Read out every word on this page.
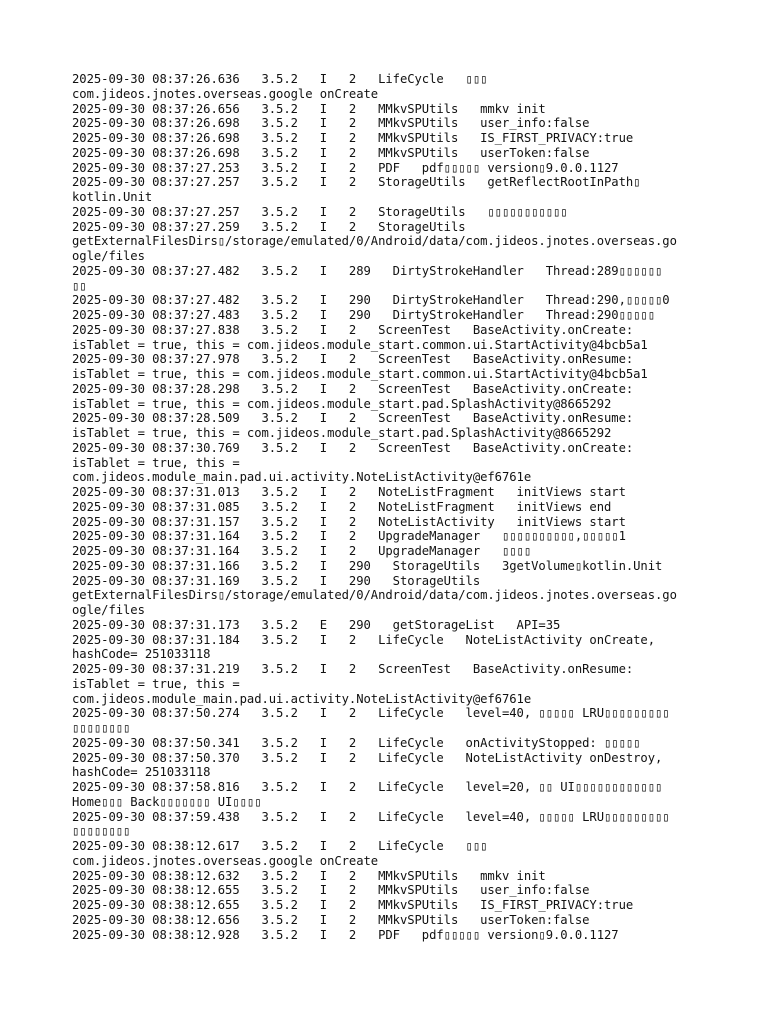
2025-09-30 08:37:26.636   3.5.2   I   2   LifeCycle   ▯▯▯
com.jideos.jnotes.overseas.google onCreate
2025-09-30 08:37:26.656   3.5.2   I   2   MMkvSPUtils   mmkv init
2025-09-30 08:37:26.698   3.5.2   I   2   MMkvSPUtils   user_info:false
2025-09-30 08:37:26.698   3.5.2   I   2   MMkvSPUtils   IS_FIRST_PRIVACY:true
2025-09-30 08:37:26.698   3.5.2   I   2   MMkvSPUtils   userToken:false
2025-09-30 08:37:27.253   3.5.2   I   2   PDF   pdf▯▯▯▯▯ version▯9.0.0.1127
2025-09-30 08:37:27.257   3.5.2   I   2   StorageUtils   getReflectRootInPath▯
kotlin.Unit
2025-09-30 08:37:27.257   3.5.2   I   2   StorageUtils   ▯▯▯▯▯▯▯▯▯▯▯
2025-09-30 08:37:27.259   3.5.2   I   2   StorageUtils
getExternalFilesDirs▯/storage/emulated/0/Android/data/com.jideos.jnotes.overseas.go
ogle/files
2025-09-30 08:37:27.482   3.5.2   I   289   DirtyStrokeHandler   Thread:289▯▯▯▯▯▯
▯▯
2025-09-30 08:37:27.482   3.5.2   I   290   DirtyStrokeHandler   Thread:290,▯▯▯▯▯0
2025-09-30 08:37:27.483   3.5.2   I   290   DirtyStrokeHandler   Thread:290▯▯▯▯▯
2025-09-30 08:37:27.838   3.5.2   I   2   ScreenTest   BaseActivity.onCreate:
isTablet = true, this = com.jideos.module_start.common.ui.StartActivity@4bcb5a1
2025-09-30 08:37:27.978   3.5.2   I   2   ScreenTest   BaseActivity.onResume:
isTablet = true, this = com.jideos.module_start.common.ui.StartActivity@4bcb5a1
2025-09-30 08:37:28.298   3.5.2   I   2   ScreenTest   BaseActivity.onCreate:
isTablet = true, this = com.jideos.module_start.pad.SplashActivity@8665292
2025-09-30 08:37:28.509   3.5.2   I   2   ScreenTest   BaseActivity.onResume:
isTablet = true, this = com.jideos.module_start.pad.SplashActivity@8665292
2025-09-30 08:37:30.769   3.5.2   I   2   ScreenTest   BaseActivity.onCreate:
isTablet = true, this =
com.jideos.module_main.pad.ui.activity.NoteListActivity@ef6761e
2025-09-30 08:37:31.013   3.5.2   I   2   NoteListFragment   initViews start
2025-09-30 08:37:31.085   3.5.2   I   2   NoteListFragment   initViews end
2025-09-30 08:37:31.157   3.5.2   I   2   NoteListActivity   initViews start
2025-09-30 08:37:31.164   3.5.2   I   2   UpgradeManager   ▯▯▯▯▯▯▯▯▯▯,▯▯▯▯▯1
2025-09-30 08:37:31.164   3.5.2   I   2   UpgradeManager   ▯▯▯▯
2025-09-30 08:37:31.166   3.5.2   I   290   StorageUtils   3getVolume▯kotlin.Unit
2025-09-30 08:37:31.169   3.5.2   I   290   StorageUtils
getExternalFilesDirs▯/storage/emulated/0/Android/data/com.jideos.jnotes.overseas.go
ogle/files
2025-09-30 08:37:31.173   3.5.2   E   290   getStorageList   API=35
2025-09-30 08:37:31.184   3.5.2   I   2   LifeCycle   NoteListActivity onCreate,
hashCode= 251033118
2025-09-30 08:37:31.219   3.5.2   I   2   ScreenTest   BaseActivity.onResume:
isTablet = true, this =
com.jideos.module_main.pad.ui.activity.NoteListActivity@ef6761e
2025-09-30 08:37:50.274   3.5.2   I   2   LifeCycle   level=40, ▯▯▯▯▯ LRU▯▯▯▯▯▯▯▯▯
▯▯▯▯▯▯▯▯
2025-09-30 08:37:50.341   3.5.2   I   2   LifeCycle   onActivityStopped: ▯▯▯▯▯
2025-09-30 08:37:50.370   3.5.2   I   2   LifeCycle   NoteListActivity onDestroy,
hashCode= 251033118
2025-09-30 08:37:58.816   3.5.2   I   2   LifeCycle   level=20, ▯▯ UI▯▯▯▯▯▯▯▯▯▯▯▯
Home▯▯▯ Back▯▯▯▯▯▯▯ UI▯▯▯▯
2025-09-30 08:37:59.438   3.5.2   I   2   LifeCycle   level=40, ▯▯▯▯▯ LRU▯▯▯▯▯▯▯▯▯
▯▯▯▯▯▯▯▯
2025-09-30 08:38:12.617   3.5.2   I   2   LifeCycle   ▯▯▯
com.jideos.jnotes.overseas.google onCreate
2025-09-30 08:38:12.632   3.5.2   I   2   MMkvSPUtils   mmkv init
2025-09-30 08:38:12.655   3.5.2   I   2   MMkvSPUtils   user_info:false
2025-09-30 08:38:12.655   3.5.2   I   2   MMkvSPUtils   IS_FIRST_PRIVACY:true
2025-09-30 08:38:12.656   3.5.2   I   2   MMkvSPUtils   userToken:false
2025-09-30 08:38:12.928   3.5.2   I   2   PDF   pdf▯▯▯▯▯ version▯9.0.0.1127
